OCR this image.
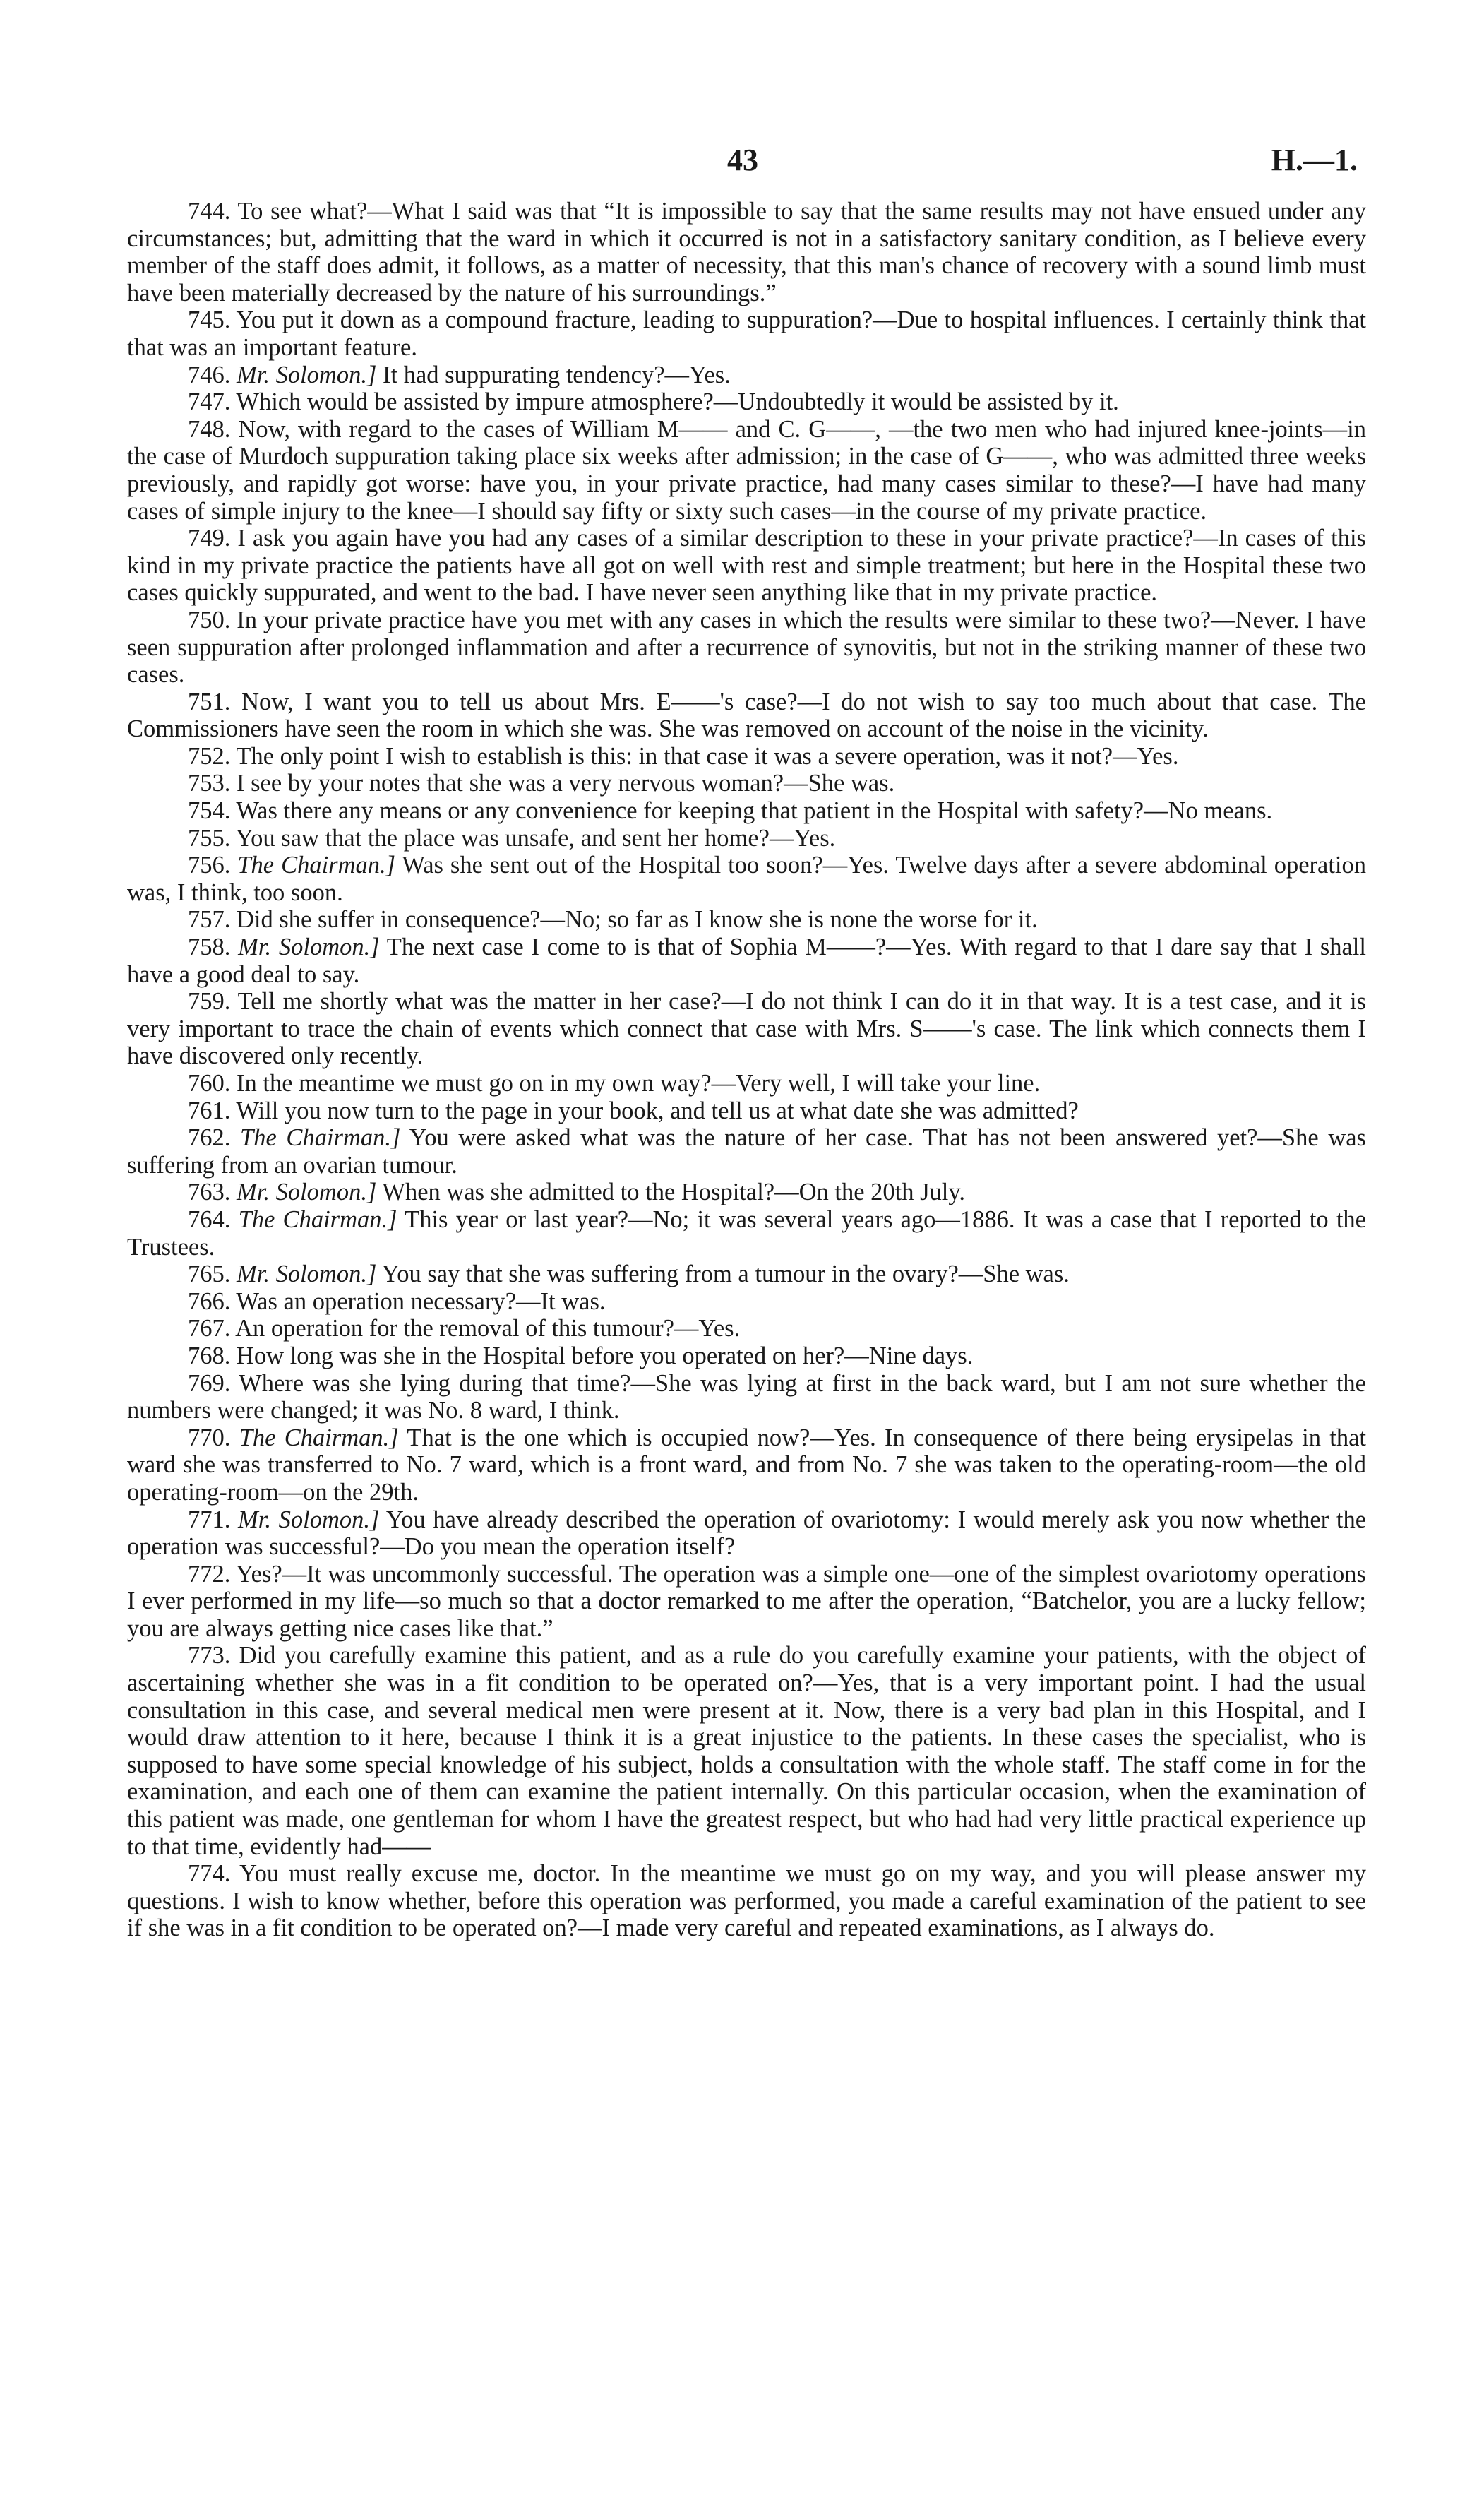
43	H.—1.

744. To see what?—What I said was that “It is impossible to say that the same results may not have ensued under any circumstances; but, admitting that the ward in which it occurred is not in a satisfactory sanitary condition, as I believe every member of the staff does admit, it follows, as a matter of necessity, that this man's chance of recovery with a sound limb must have been materially decreased by the nature of his surroundings.”

745. You put it down as a compound fracture, leading to suppuration?—Due to hospital influences. I certainly think that that was an important feature.

746. Mr. Solomon.] It had suppurating tendency?—Yes.

747. Which would be assisted by impure atmosphere?—Undoubtedly it would be assisted by it.

748. Now, with regard to the cases of William M—— and C. G——, —the two men who had injured knee-joints—in the case of Murdoch suppuration taking place six weeks after admission; in the case of G——, who was admitted three weeks previously, and rapidly got worse: have you, in your private practice, had many cases similar to these?—I have had many cases of simple injury to the knee—I should say fifty or sixty such cases—in the course of my private practice.

749. I ask you again have you had any cases of a similar description to these in your private practice?—In cases of this kind in my private practice the patients have all got on well with rest and simple treatment; but here in the Hospital these two cases quickly suppurated, and went to the bad. I have never seen anything like that in my private practice.

750. In your private practice have you met with any cases in which the results were similar to these two?—Never. I have seen suppuration after prolonged inflammation and after a recurrence of synovitis, but not in the striking manner of these two cases.

751. Now, I want you to tell us about Mrs. E——'s case?—I do not wish to say too much about that case. The Commissioners have seen the room in which she was. She was removed on account of the noise in the vicinity.

752. The only point I wish to establish is this: in that case it was a severe operation, was it not?—Yes.

753. I see by your notes that she was a very nervous woman?—She was.

754. Was there any means or any convenience for keeping that patient in the Hospital with safety?—No means.

755. You saw that the place was unsafe, and sent her home?—Yes.

756. The Chairman.] Was she sent out of the Hospital too soon?—Yes. Twelve days after a severe abdominal operation was, I think, too soon.

757. Did she suffer in consequence?—No; so far as I know she is none the worse for it.

758. Mr. Solomon.] The next case I come to is that of Sophia M——?—Yes. With regard to that I dare say that I shall have a good deal to say.

759. Tell me shortly what was the matter in her case?—I do not think I can do it in that way. It is a test case, and it is very important to trace the chain of events which connect that case with Mrs. S——'s case. The link which connects them I have discovered only recently.

760. In the meantime we must go on in my own way?—Very well, I will take your line.

761. Will you now turn to the page in your book, and tell us at what date she was admitted?

762. The Chairman.] You were asked what was the nature of her case. That has not been answered yet?—She was suffering from an ovarian tumour.

763. Mr. Solomon.] When was she admitted to the Hospital?—On the 20th July.

764. The Chairman.] This year or last year?—No; it was several years ago—1886. It was a case that I reported to the Trustees.

765. Mr. Solomon.] You say that she was suffering from a tumour in the ovary?—She was.

766. Was an operation necessary?—It was.

767. An operation for the removal of this tumour?—Yes.

768. How long was she in the Hospital before you operated on her?—Nine days.

769. Where was she lying during that time?—She was lying at first in the back ward, but I am not sure whether the numbers were changed; it was No. 8 ward, I think.

770. The Chairman.] That is the one which is occupied now?—Yes. In consequence of there being erysipelas in that ward she was transferred to No. 7 ward, which is a front ward, and from No. 7 she was taken to the operating-room—the old operating-room—on the 29th.

771. Mr. Solomon.] You have already described the operation of ovariotomy: I would merely ask you now whether the operation was successful?—Do you mean the operation itself?

772. Yes?—It was uncommonly successful. The operation was a simple one—one of the simplest ovariotomy operations I ever performed in my life—so much so that a doctor remarked to me after the operation, “Batchelor, you are a lucky fellow; you are always getting nice cases like that.”

773. Did you carefully examine this patient, and as a rule do you carefully examine your patients, with the object of ascertaining whether she was in a fit condition to be operated on?—Yes, that is a very important point. I had the usual consultation in this case, and several medical men were present at it. Now, there is a very bad plan in this Hospital, and I would draw attention to it here, because I think it is a great injustice to the patients. In these cases the specialist, who is supposed to have some special knowledge of his subject, holds a consultation with the whole staff. The staff come in for the examination, and each one of them can examine the patient internally. On this particular occasion, when the examination of this patient was made, one gentleman for whom I have the greatest respect, but who had had very little practical experience up to that time, evidently had——

774. You must really excuse me, doctor. In the meantime we must go on my way, and you will please answer my questions. I wish to know whether, before this operation was performed, you made a careful examination of the patient to see if she was in a fit condition to be operated on?—I made very careful and repeated examinations, as I always do.
